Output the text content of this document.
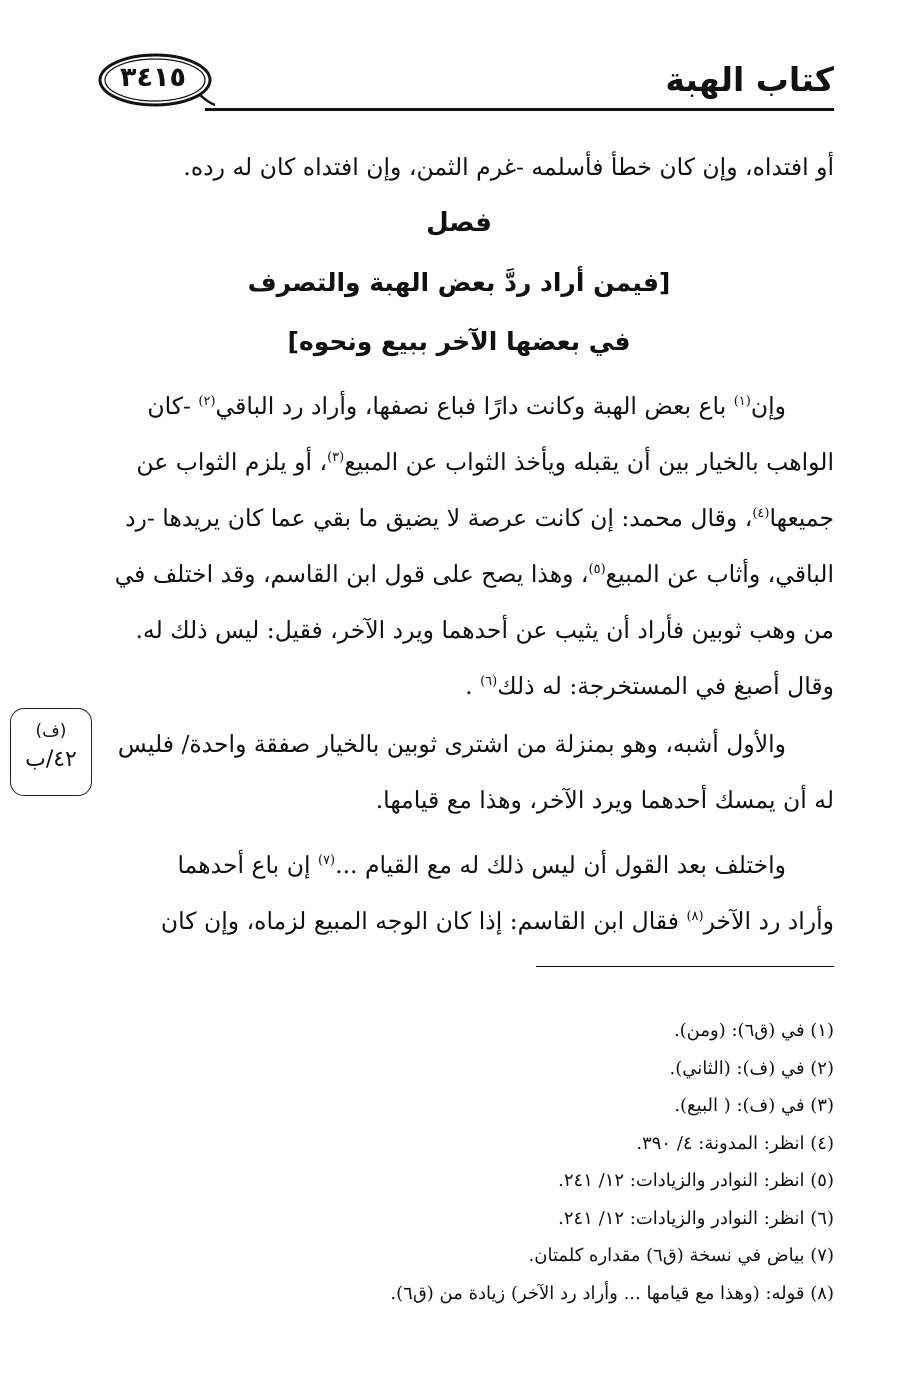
كتاب الهبة
٣٤١٥
أو افتداه، وإن كان خطأ فأسلمه -غرم الثمن، وإن افتداه كان له رده.
فصل
[فيمن أراد ردَّ بعض الهبة والتصرف
في بعضها الآخر ببيع ونحوه]
وإن$^{(١)}$ باع بعض الهبة وكانت دارًا فباع نصفها، وأراد رد الباقي$^{(٢)}$ -كان
الواهب بالخيار بين أن يقبله ويأخذ الثواب عن المبيع$^{(٣)}$، أو يلزم الثواب عن
جميعها$^{(٤)}$، وقال محمد: إن كانت عرصة لا يضيق ما بقي عما كان يريدها -رد
الباقي، وأثاب عن المبيع$^{(٥)}$، وهذا يصح على قول ابن القاسم، وقد اختلف في
من وهب ثوبين فأراد أن يثيب عن أحدهما ويرد الآخر، فقيل: ليس ذلك له.
وقال أصبغ في المستخرجة: له ذلك$^{(٦)}$ .
(ف)
٤٢/ب
والأول أشبه، وهو بمنزلة من اشترى ثوبين بالخيار صفقة واحدة/ فليس
له أن يمسك أحدهما ويرد الآخر، وهذا مع قيامها.
واختلف بعد القول أن ليس ذلك له مع القيام ...$^{(٧)}$ إن باع أحدهما
وأراد رد الآخر$^{(٨)}$ فقال ابن القاسم: إذا كان الوجه المبيع لزماه، وإن كان
(١) في (ق٦): (ومن).
(٢) في (ف): (الثاني).
(٣) في (ف): ( البيع).
(٤) انظر: المدونة: ٤/ ٣٩٠.
(٥) انظر: النوادر والزيادات: ١٢/ ٢٤١.
(٦) انظر: النوادر والزيادات: ١٢/ ٢٤١.
(٧) بياض في نسخة (ق٦) مقداره كلمتان.
(٨) قوله: (وهذا مع قيامها ... وأراد رد الآخر) زيادة من (ق٦).
